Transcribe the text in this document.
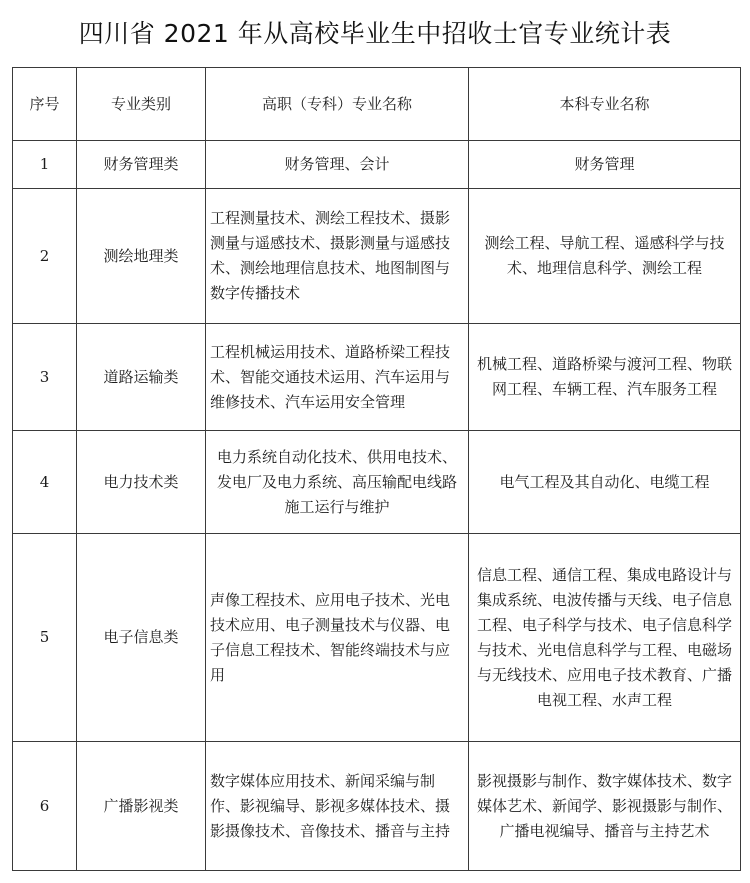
四川省 2021 年从高校毕业生中招收士官专业统计表
序号	专业类别	高职（专科）专业名称	本科专业名称
1	财务管理类	财务管理、会计	财务管理
2	测绘地理类	工程测量技术、测绘工程技术、摄影测量与遥感技术、摄影测量与遥感技术、测绘地理信息技术、地图制图与数字传播技术	测绘工程、导航工程、遥感科学与技术、地理信息科学、测绘工程
3	道路运输类	工程机械运用技术、道路桥梁工程技术、智能交通技术运用、汽车运用与维修技术、汽车运用安全管理	机械工程、道路桥梁与渡河工程、物联网工程、车辆工程、汽车服务工程
4	电力技术类	电力系统自动化技术、供用电技术、发电厂及电力系统、高压输配电线路施工运行与维护	电气工程及其自动化、电缆工程
5	电子信息类	声像工程技术、应用电子技术、光电技术应用、电子测量技术与仪器、电子信息工程技术、智能终端技术与应用	信息工程、通信工程、集成电路设计与集成系统、电波传播与天线、电子信息工程、电子科学与技术、电子信息科学与技术、光电信息科学与工程、电磁场与无线技术、应用电子技术教育、广播电视工程、水声工程
6	广播影视类	数字媒体应用技术、新闻采编与制作、影视编导、影视多媒体技术、摄影摄像技术、音像技术、播音与主持	影视摄影与制作、数字媒体技术、数字媒体艺术、新闻学、影视摄影与制作、广播电视编导、播音与主持艺术
